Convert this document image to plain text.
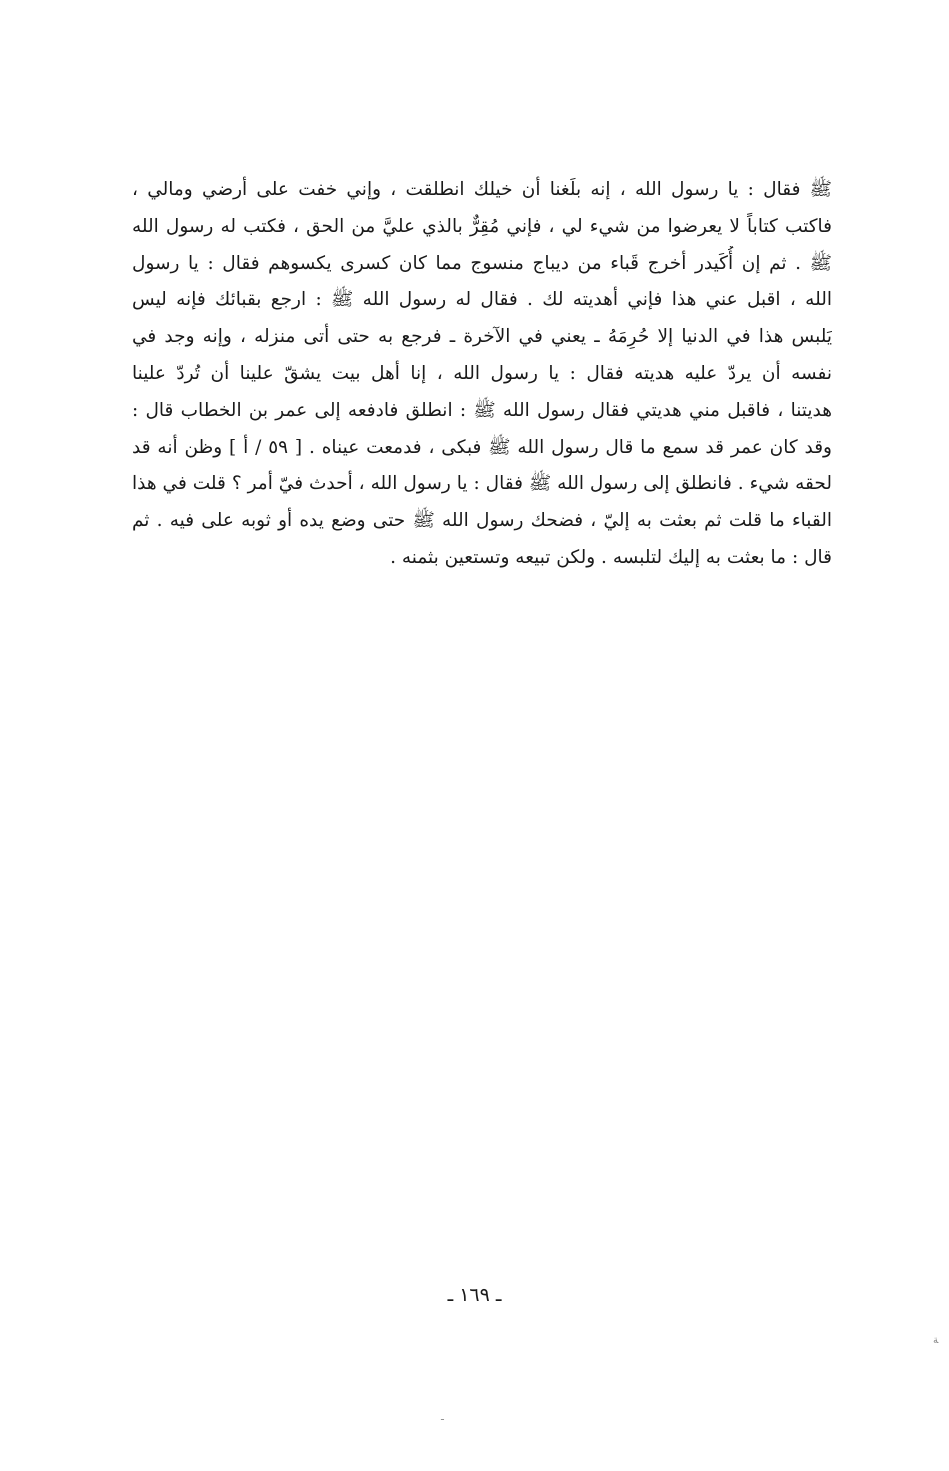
ﷺ فقال : يا رسول الله ، إنه بلَغنا أن خيلك انطلقت ، وإني خفت على أرضي ومالي ،
فاكتب كتاباً لا يعرضوا من شيء لي ، فإني مُقِرٌّ بالذي عليَّ من الحق ، فكتب له رسول الله
ﷺ . ثم إن أُكَيدر أخرج قَباء من ديباج منسوج مما كان كسرى يكسوهم فقال : يا رسول
الله ، اقبل عني هذا فإني أهديته لك . فقال له رسول الله ﷺ : ارجع بقبائك فإنه ليس
يَلبس هذا في الدنيا إلا حُرِمَهُ ـ يعني في الآخرة ـ فرجع به حتى أتى منزله ، وإنه وجد في
نفسه أن يردّ عليه هديته فقال : يا رسول الله ، إنا أهل بيت يشقّ علينا أن تُردّ علينا
هديتنا ، فاقبل مني هديتي فقال رسول الله ﷺ : انطلق فادفعه إلى عمر بن الخطاب قال :
وقد كان عمر قد سمع ما قال رسول الله ﷺ فبكى ، فدمعت عيناه . [ ٥٩ / أ ] وظن أنه قد
لحقه شيء . فانطلق إلى رسول الله ﷺ فقال : يا رسول الله ، أحدث فيّ أمر ؟ قلت في هذا
القباء ما قلت ثم بعثت به إليّ ، فضحك رسول الله ﷺ حتى وضع يده أو ثوبه على فيه . ثم
قال : ما بعثت به إليك لتلبسه . ولكن تبيعه وتستعين بثمنه .
ـ ١٦٩ ـ
ﺔ
ـ
